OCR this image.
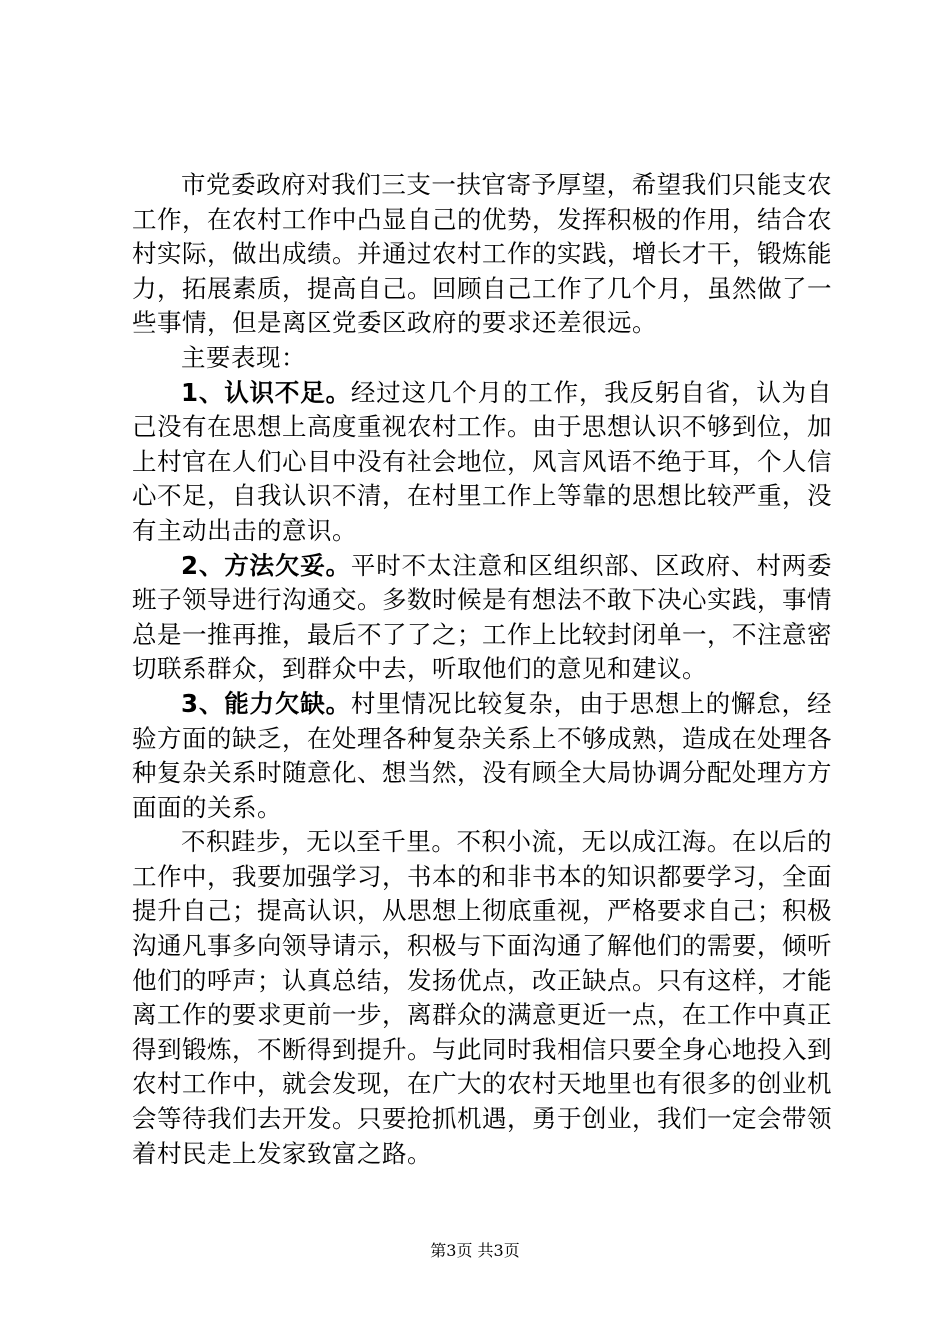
市党委政府对我们三支一扶官寄予厚望，希望我们只能支农工作，在农村工作中凸显自己的优势，发挥积极的作用，结合农村实际，做出成绩。并通过农村工作的实践，增长才干，锻炼能力，拓展素质，提高自己。回顾自己工作了几个月，虽然做了一些事情，但是离区党委区政府的要求还差很远。

主要表现：

1、认识不足。经过这几个月的工作，我反躬自省，认为自己没有在思想上高度重视农村工作。由于思想认识不够到位，加上村官在人们心目中没有社会地位，风言风语不绝于耳，个人信心不足，自我认识不清，在村里工作上等靠的思想比较严重，没有主动出击的意识。

2、方法欠妥。平时不太注意和区组织部、区政府、村两委班子领导进行沟通交。多数时候是有想法不敢下决心实践，事情总是一推再推，最后不了了之；工作上比较封闭单一，不注意密切联系群众，到群众中去，听取他们的意见和建议。

3、能力欠缺。村里情况比较复杂，由于思想上的懈怠，经验方面的缺乏，在处理各种复杂关系上不够成熟，造成在处理各种复杂关系时随意化、想当然，没有顾全大局协调分配处理方方面面的关系。

不积跬步，无以至千里。不积小流，无以成江海。在以后的工作中，我要加强学习，书本的和非书本的知识都要学习，全面提升自己；提高认识，从思想上彻底重视，严格要求自己；积极沟通凡事多向领导请示，积极与下面沟通了解他们的需要，倾听他们的呼声；认真总结，发扬优点，改正缺点。只有这样，才能离工作的要求更前一步，离群众的满意更近一点，在工作中真正得到锻炼，不断得到提升。与此同时我相信只要全身心地投入到农村工作中，就会发现，在广大的农村天地里也有很多的创业机会等待我们去开发。只要抢抓机遇，勇于创业，我们一定会带领着村民走上发家致富之路。

第3页 共3页
